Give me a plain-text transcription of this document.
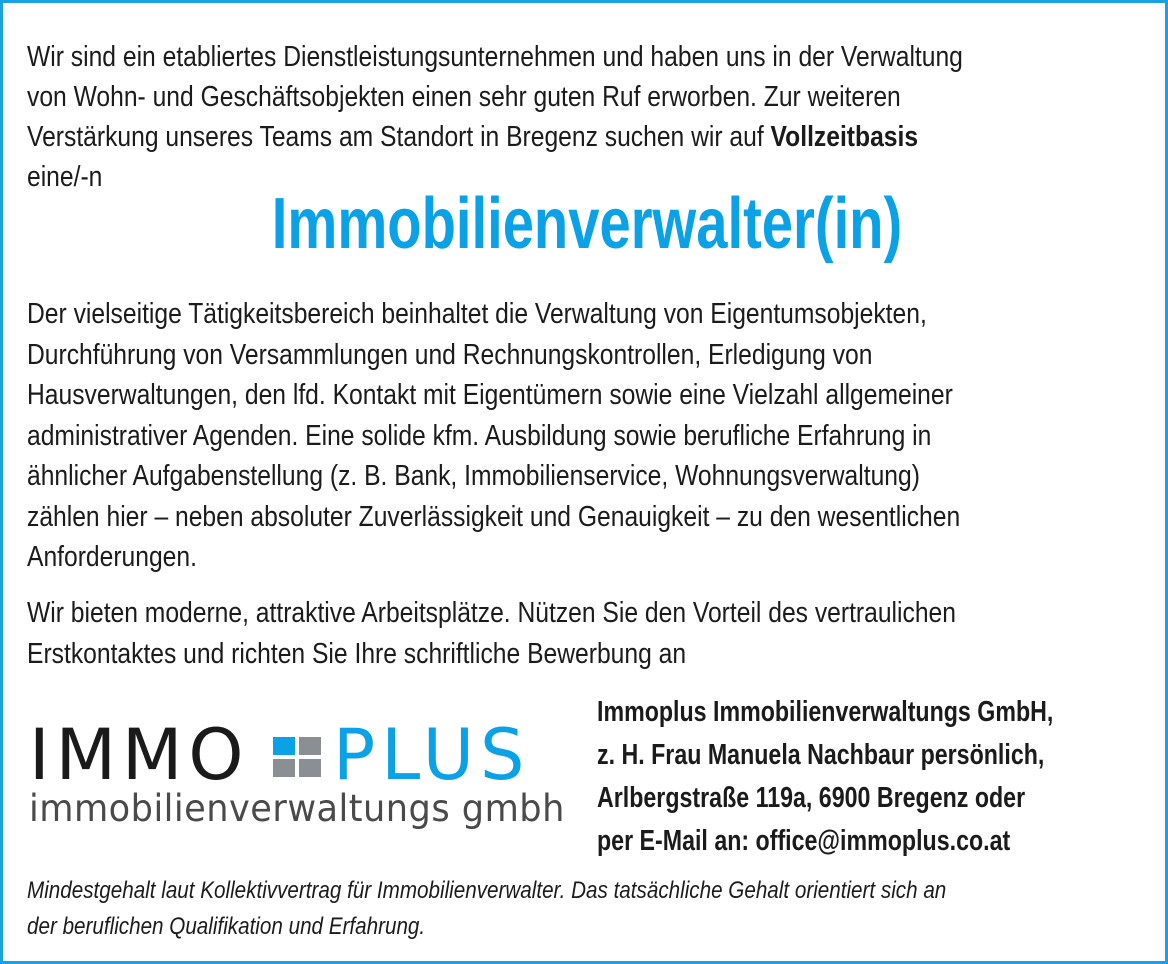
Wir sind ein etabliertes Dienstleistungsunternehmen und haben uns in der Verwaltung
von Wohn- und Geschäftsobjekten einen sehr guten Ruf erworben. Zur weiteren
Verstärkung unseres Teams am Standort in Bregenz suchen wir auf Vollzeitbasis
eine/-n
Immobilienverwalter(in)
Der vielseitige Tätigkeitsbereich beinhaltet die Verwaltung von Eigentumsobjekten,
Durchführung von Versammlungen und Rechnungskontrollen, Erledigung von
Hausverwaltungen, den lfd. Kontakt mit Eigentümern sowie eine Vielzahl allgemeiner
administrativer Agenden. Eine solide kfm. Ausbildung sowie berufliche Erfahrung in
ähnlicher Aufgabenstellung (z. B. Bank, Immobilienservice, Wohnungsverwaltung)
zählen hier – neben absoluter Zuverlässigkeit und Genauigkeit – zu den wesentlichen
Anforderungen.
Wir bieten moderne, attraktive Arbeitsplätze. Nützen Sie den Vorteil des vertraulichen
Erstkontaktes und richten Sie Ihre schriftliche Bewerbung an
IMMO PLUS
immobilienverwaltungs gmbh
Immoplus Immobilienverwaltungs GmbH,
z. H. Frau Manuela Nachbaur persönlich,
Arlbergstraße 119a, 6900 Bregenz oder
per E-Mail an: office@immoplus.co.at
Mindestgehalt laut Kollektivvertrag für Immobilienverwalter. Das tatsächliche Gehalt orientiert sich an
der beruflichen Qualifikation und Erfahrung.
